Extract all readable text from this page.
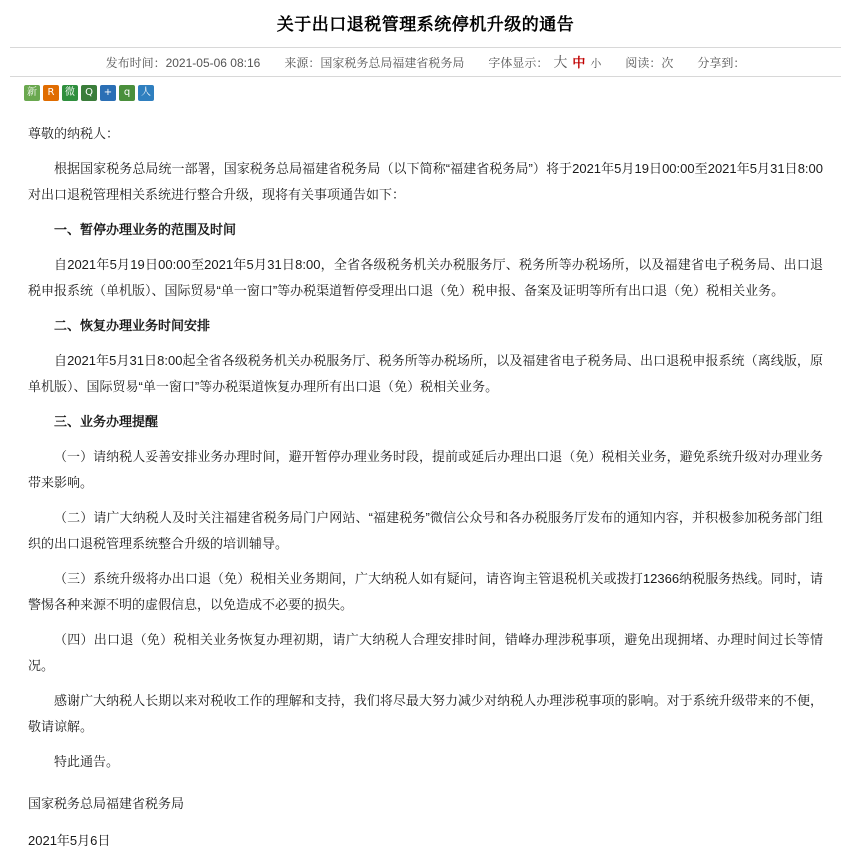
关于出口退税管理系统停机升级的通告
发布时间：2021-05-06 08:16 来源：国家税务总局福建省税务局 字体显示： 大 中 小 阅读：次 分享到：
新	R	微	Q	+	q	人

尊敬的纳税人：

根据国家税务总局统一部署，国家税务总局福建省税务局（以下简称“福建省税务局”）将于2021年5月19日00:00至2021年5月31日8:00对出口退税管理相关系统进行整合升级，现将有关事项通告如下：

一、暂停办理业务的范围及时间

自2021年5月19日00:00至2021年5月31日8:00，全省各级税务机关办税服务厅、税务所等办税场所，以及福建省电子税务局、出口退税申报系统（单机版）、国际贸易“单一窗口”等办税渠道暂停受理出口退（免）税申报、备案及证明等所有出口退（免）税相关业务。

二、恢复办理业务时间安排

自2021年5月31日8:00起全省各级税务机关办税服务厅、税务所等办税场所，以及福建省电子税务局、出口退税申报系统（离线版，原单机版）、国际贸易“单一窗口”等办税渠道恢复办理所有出口退（免）税相关业务。

三、业务办理提醒

（一）请纳税人妥善安排业务办理时间，避开暂停办理业务时段，提前或延后办理出口退（免）税相关业务，避免系统升级对办理业务带来影响。

（二）请广大纳税人及时关注福建省税务局门户网站、“福建税务”微信公众号和各办税服务厅发布的通知内容，并积极参加税务部门组织的出口退税管理系统整合升级的培训辅导。

（三）系统升级将办出口退（免）税相关业务期间，广大纳税人如有疑问，请咨询主管退税机关或拨打12366纳税服务热线。同时，请警惕各种来源不明的虚假信息，以免造成不必要的损失。

（四）出口退（免）税相关业务恢复办理初期，请广大纳税人合理安排时间，错峰办理涉税事项，避免出现拥堵、办理时间过长等情况。

感谢广大纳税人长期以来对税收工作的理解和支持，我们将尽最大努力减少对纳税人办理涉税事项的影响。对于系统升级带来的不便，敬请谅解。

特此通告。

国家税务总局福建省税务局

2021年5月6日
